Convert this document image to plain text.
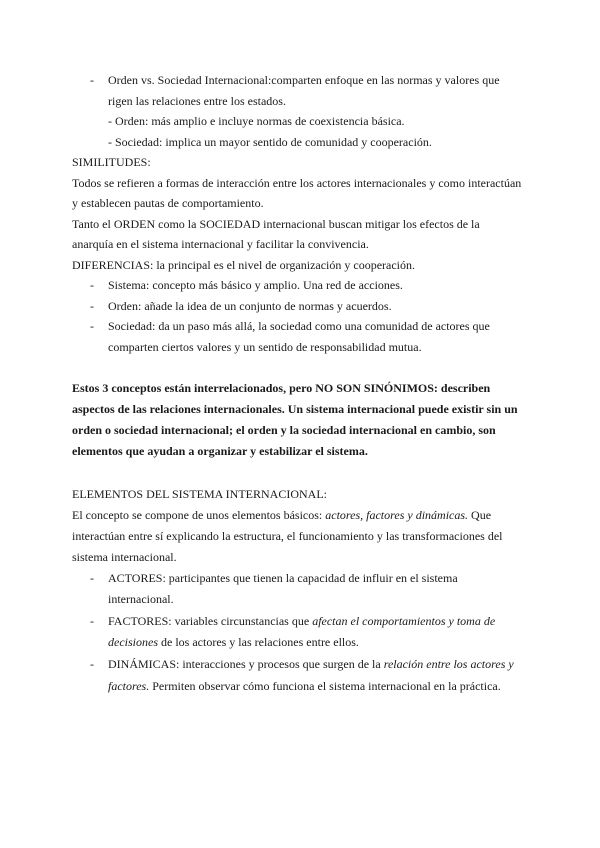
- Orden vs. Sociedad Internacional:comparten enfoque en las normas y valores que
rigen las relaciones entre los estados.
- Orden: más amplio e incluye normas de coexistencia básica.
- Sociedad: implica un mayor sentido de comunidad y cooperación.
SIMILITUDES:
Todos se refieren a formas de interacción entre los actores internacionales y como interactúan
y establecen pautas de comportamiento.
Tanto el ORDEN como la SOCIEDAD internacional buscan mitigar los efectos de la
anarquía en el sistema internacional y facilitar la convivencia.
DIFERENCIAS: la principal es el nivel de organización y cooperación.
- Sistema: concepto más básico y amplio. Una red de acciones.
- Orden: añade la idea de un conjunto de normas y acuerdos.
- Sociedad: da un paso más allá, la sociedad como una comunidad de actores que
comparten ciertos valores y un sentido de responsabilidad mutua.
Estos 3 conceptos están interrelacionados, pero NO SON SINÓNIMOS: describen
aspectos de las relaciones internacionales. Un sistema internacional puede existir sin un
orden o sociedad internacional; el orden y la sociedad internacional en cambio, son
elementos que ayudan a organizar y estabilizar el sistema.
ELEMENTOS DEL SISTEMA INTERNACIONAL:
El concepto se compone de unos elementos básicos: actores, factores y dinámicas. Que
interactúan entre sí explicando la estructura, el funcionamiento y las transformaciones del
sistema internacional.
- ACTORES: participantes que tienen la capacidad de influir en el sistema
internacional.
- FACTORES: variables circunstancias que afectan el comportamientos y toma de
decisiones de los actores y las relaciones entre ellos.
- DINÁMICAS: interacciones y procesos que surgen de la relación entre los actores y
factores. Permiten observar cómo funciona el sistema internacional en la práctica.
